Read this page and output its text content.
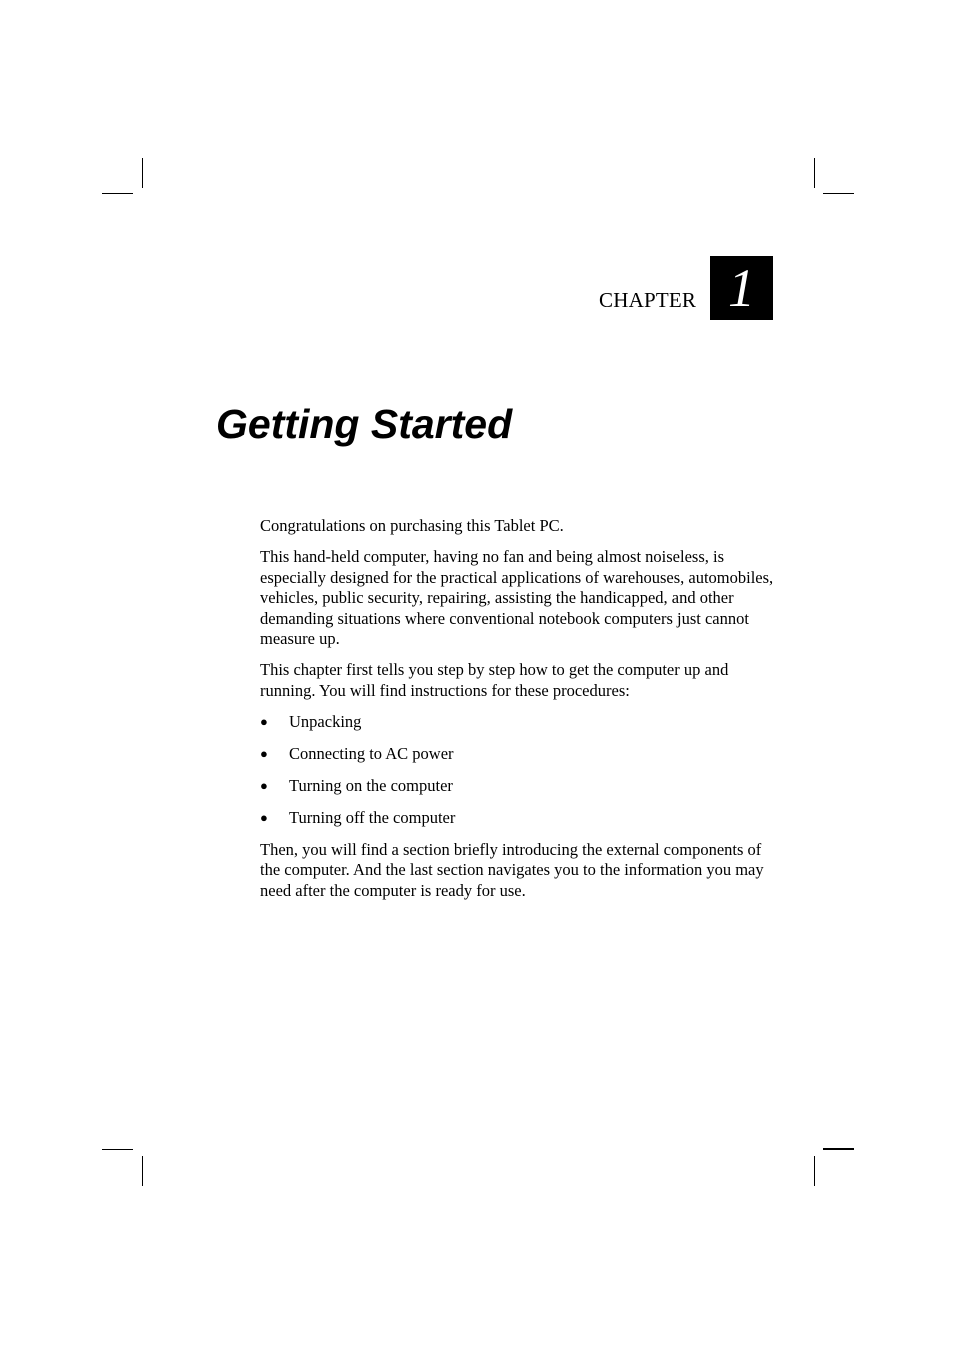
CHAPTER 1
Getting Started

Congratulations on purchasing this Tablet PC.

This hand-held computer, having no fan and being almost noiseless, is especially designed for the practical applications of warehouses, automobiles, vehicles, public security, repairing, assisting the handicapped, and other demanding situations where conventional notebook computers just cannot measure up.

This chapter first tells you step by step how to get the computer up and running. You will find instructions for these procedures:

● Unpacking
● Connecting to AC power
● Turning on the computer
● Turning off the computer

Then, you will find a section briefly introducing the external components of the computer. And the last section navigates you to the information you may need after the computer is ready for use.
